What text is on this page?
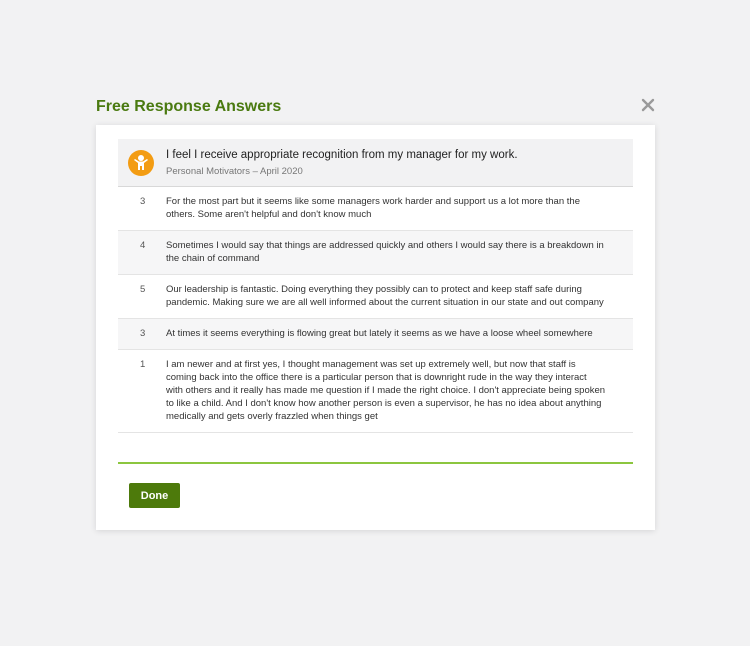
Free Response Answers
I feel I receive appropriate recognition from my manager for my work.
Personal Motivators – April 2020
3	For the most part but it seems like some managers work harder and support us a lot more than the others. Some aren't helpful and don't know much
4	Sometimes I would say that things are addressed quickly and others I would say there is a breakdown in the chain of command
5	Our leadership is fantastic. Doing everything they possibly can to protect and keep staff safe during pandemic. Making sure we are all well informed about the current situation in our state and out company
3	At times it seems everything is flowing great but lately it seems as we have a loose wheel somewhere
1	I am newer and at first yes, I thought management was set up extremely well, but now that staff is coming back into the office there is a particular person that is downright rude in the way they interact with others and it really has made me question if I made the right choice. I don't appreciate being spoken to like a child. And I don't know how another person is even a supervisor, he has no idea about anything medically and gets overly frazzled when things get
Done
